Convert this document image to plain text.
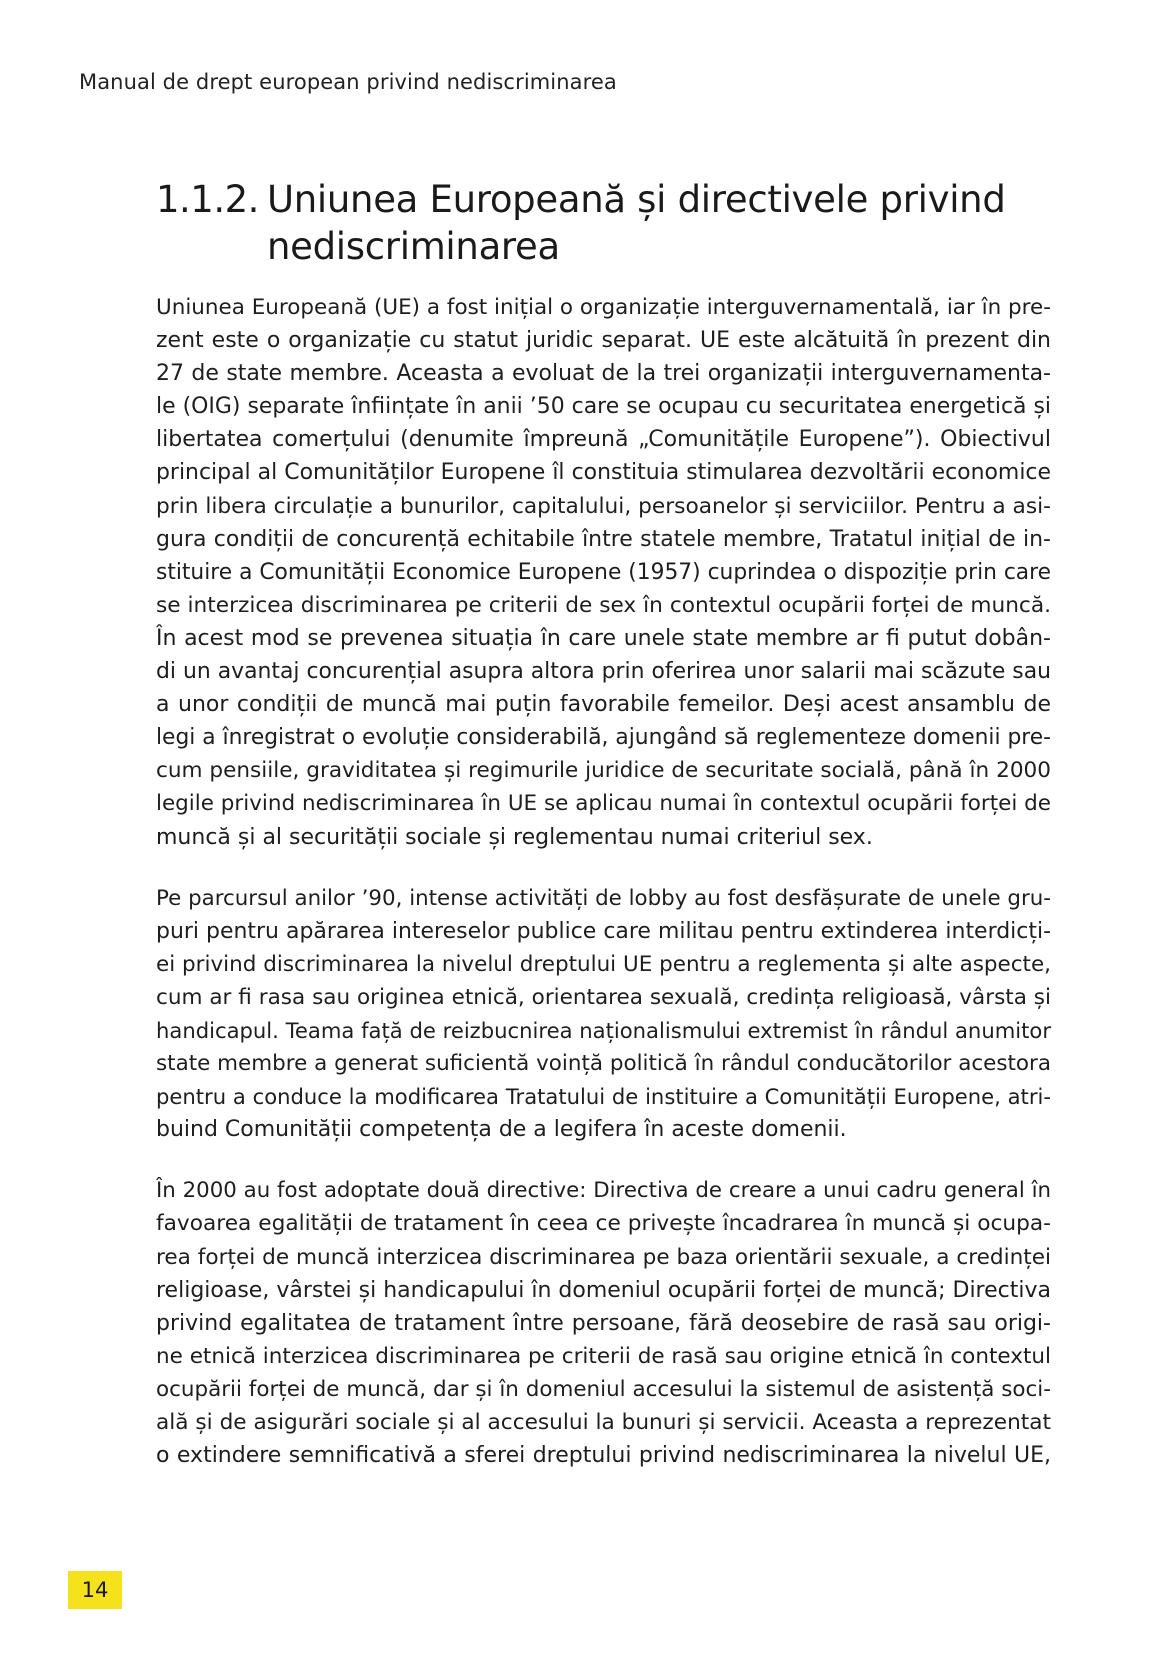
Manual de drept european privind nediscriminarea
1.1.2. Uniunea Europeană și directivele privind
nediscriminarea
Uniunea Europeană (UE) a fost inițial o organizație interguvernamentală, iar în pre-
zent este o organizație cu statut juridic separat. UE este alcătuită în prezent din
27 de state membre. Aceasta a evoluat de la trei organizații interguvernamenta-
le (OIG) separate înființate în anii ’50 care se ocupau cu securitatea energetică și
libertatea comerțului (denumite împreună „Comunitățile Europene”). Obiectivul
principal al Comunităților Europene îl constituia stimularea dezvoltării economice
prin libera circulație a bunurilor, capitalului, persoanelor și serviciilor. Pentru a asi-
gura condiții de concurență echitabile între statele membre, Tratatul inițial de in-
stituire a Comunității Economice Europene (1957) cuprindea o dispoziție prin care
se interzicea discriminarea pe criterii de sex în contextul ocupării forței de muncă.
În acest mod se prevenea situația în care unele state membre ar fi putut dobân-
di un avantaj concurențial asupra altora prin oferirea unor salarii mai scăzute sau
a unor condiții de muncă mai puțin favorabile femeilor. Deși acest ansamblu de
legi a înregistrat o evoluție considerabilă, ajungând să reglementeze domenii pre-
cum pensiile, graviditatea și regimurile juridice de securitate socială, până în 2000
legile privind nediscriminarea în UE se aplicau numai în contextul ocupării forței de
muncă și al securității sociale și reglementau numai criteriul sex.
Pe parcursul anilor ’90, intense activități de lobby au fost desfășurate de unele gru-
puri pentru apărarea intereselor publice care militau pentru extinderea interdicți-
ei privind discriminarea la nivelul dreptului UE pentru a reglementa și alte aspecte,
cum ar fi rasa sau originea etnică, orientarea sexuală, credința religioasă, vârsta și
handicapul. Teama față de reizbucnirea naționalismului extremist în rândul anumitor
state membre a generat suficientă voință politică în rândul conducătorilor acestora
pentru a conduce la modificarea Tratatului de instituire a Comunității Europene, atri-
buind Comunității competența de a legifera în aceste domenii.
În 2000 au fost adoptate două directive: Directiva de creare a unui cadru general în
favoarea egalității de tratament în ceea ce privește încadrarea în muncă și ocupa-
rea forței de muncă interzicea discriminarea pe baza orientării sexuale, a credinței
religioase, vârstei și handicapului în domeniul ocupării forței de muncă; Directiva
privind egalitatea de tratament între persoane, fără deosebire de rasă sau origi-
ne etnică interzicea discriminarea pe criterii de rasă sau origine etnică în contextul
ocupării forței de muncă, dar și în domeniul accesului la sistemul de asistență soci-
ală și de asigurări sociale și al accesului la bunuri și servicii. Aceasta a reprezentat
o extindere semnificativă a sferei dreptului privind nediscriminarea la nivelul UE,
14
